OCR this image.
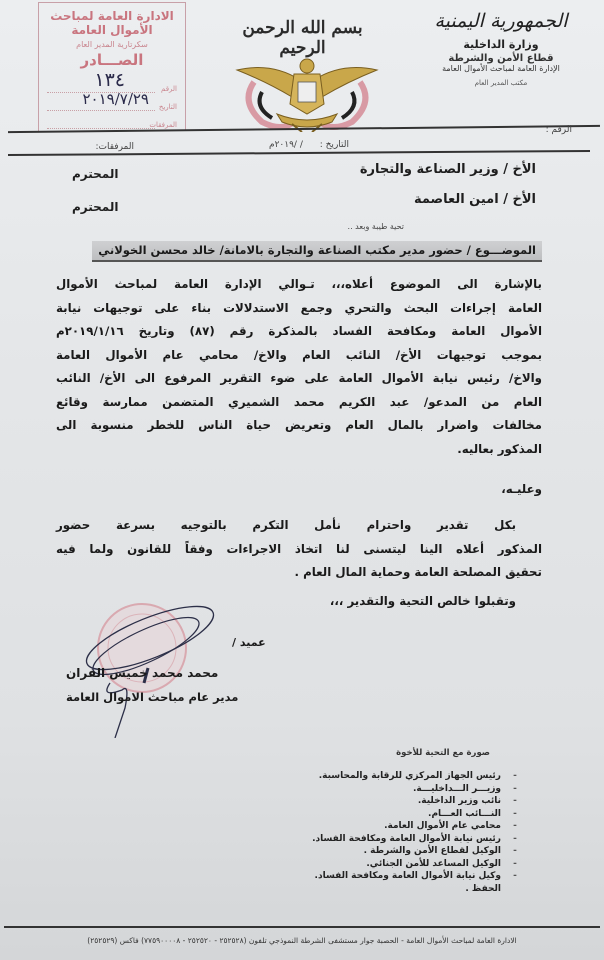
الادارة العامة لمباحث الأموال العامة
سكرتارية المدير العام
الصـــادر
الرقم
١٣٤
التاريخ
٢٠١٩/٧/٢٩
المرفقات
بسم الله الرحمن الرحيم
الجمهورية اليمنية
وزارة الداخلية
قطاع الأمن والشرطة
الإدارة العامة لمباحث الأموال العامة
مكتب المدير العام
الرقم :
التاريخ : / /٢٠١٩م
المرفقات:
الأخ / وزير الصناعة والتجارة
المحترم
الأخ / امين العاصمة
المحترم
تحية طيبة وبعد ..
الموضـــوع / حضور مدير مكتب الصناعة والتجارة بالامانة/ خالد محسن الخولاني
بالإشارة الى الموضوع أعلاه،،، تـوالي الإدارة العامة لمباحث الأموال
العامة إجراءات البحث والتحري وجمع الاستدلالات بناء على توجيهات نيابة
الأموال العامة ومكافحة الفساد بالمذكرة رقم (٨٧) وتاريخ ٢٠١٩/١/١٦م
بموجب توجيهات الأخ/ النائب العام والاخ/ محامي عام الأموال العامة
والاخ/ رئيس نيابة الأموال العامة على ضوء التقرير المرفوع الى الأخ/ النائب
العام من المدعو/ عبد الكريم محمد الشميري المتضمن ممارسة وقائع
مخالفات واضرار بالمال العام وتعريض حياة الناس للخطر منسوبة الى
المذكور بعاليه.
وعليـه،
بكل تقدير واحترام نأمل التكرم بالتوجيه بسرعة حضور
المذكور أعلاه الينا ليتسنى لنا اتخاذ الاجراءات وفقاً للقانون ولما فيه
تحقيق المصلحة العامة وحماية المال العام .
وتقبلوا خالص التحية والتقدير ،،،
عميد /
محمد محمد خميس الفران
مدير عام مباحث الاموال العامة
صورة مع التحية للأخوة
-
رئيس الجهاز المركزي للرقابة والمحاسبة.
-
وزيـــر الـــداخليـــة.
-
نائب وزير الداخلية.
-
النـــائب العـــام.
-
محامي عام الأموال العامة.
-
رئيس نيابة الأموال العامة ومكافحة الفساد.
-
الوكيل لقطاع الأمن والشرطة .
-
الوكيل المساعد للأمن الجنائي.
-
وكيل نيابة الأموال العامة ومكافحة الفساد.
الحفظ .
الادارة العامة لمباحث الأموال العامة - الحصبة جوار مستشفى الشرطة النموذجي تلفون (٢٥٢٥٢٨ - ٢٥٢٥٢٠ - ٧٧٥٩٠٠٠٠٨) فاكس (٢٥٢٥٢٩)
